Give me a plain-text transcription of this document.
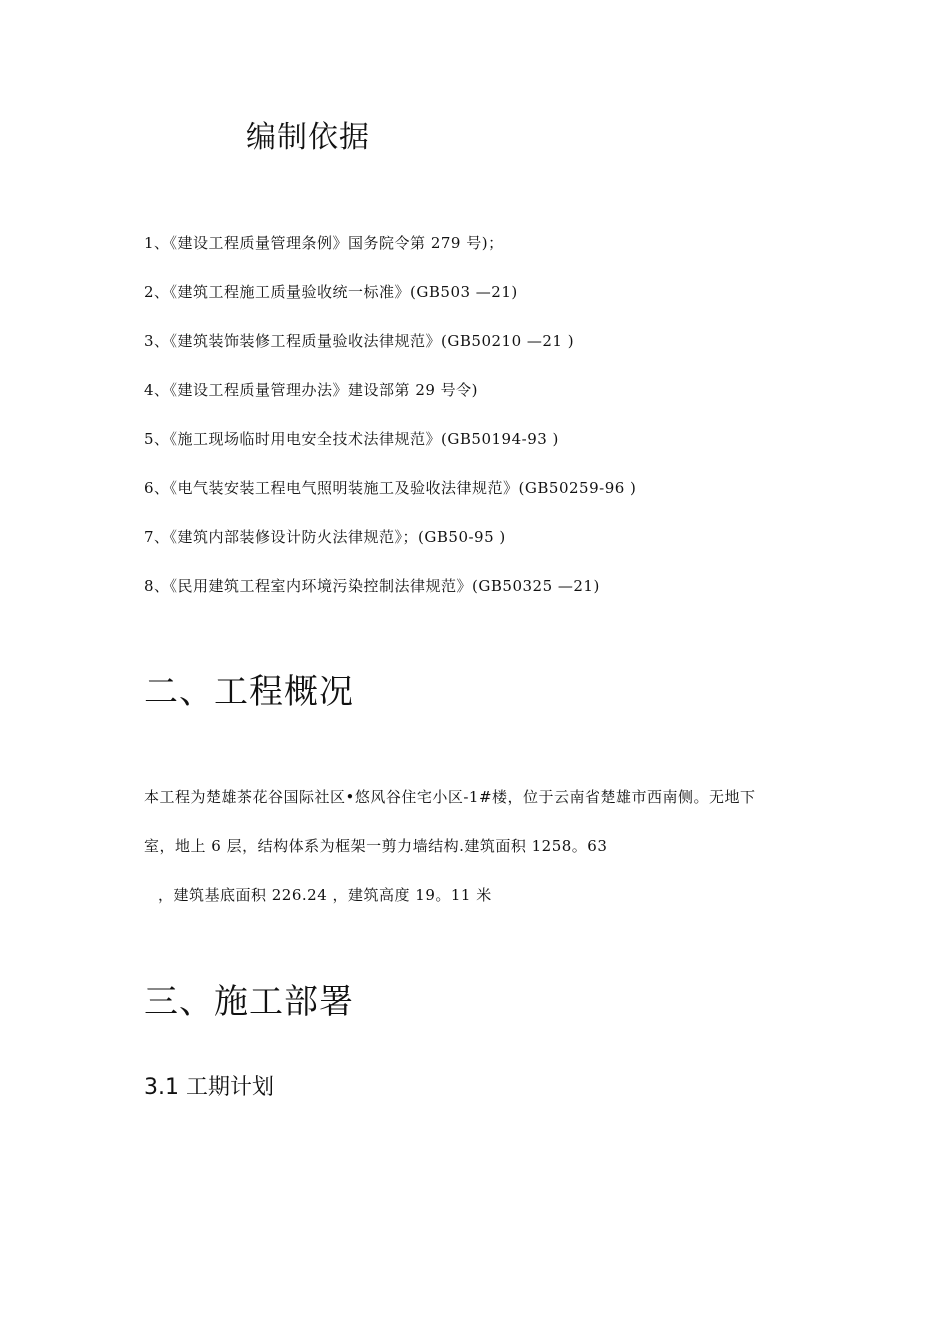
编制依据
1、《建设工程质量管理条例》国务院令第 279 号)；
2、《建筑工程施工质量验收统一标准》(GB503 —21)
3、《建筑装饰装修工程质量验收法律规范》(GB50210 —21 )
4、《建设工程质量管理办法》建设部第 29 号令)
5、《施工现场临时用电安全技术法律规范》(GB50194-93 )
6、《电气装安装工程电气照明装施工及验收法律规范》(GB50259-96 )
7、《建筑内部装修设计防火法律规范》；(GB50-95 )
8、《民用建筑工程室内环境污染控制法律规范》(GB50325 —21)
二、工程概况

本工程为楚雄茶花谷国际社区•悠风谷住宅小区-1#楼，位于云南省楚雄市西南侧。无地下

室，地上 6 层，结构体系为框架一剪力墙结构.建筑面积 1258。63

，建筑基底面积 226.24 ，建筑高度 19。11 米

三、施工部署
3.1 工期计划
